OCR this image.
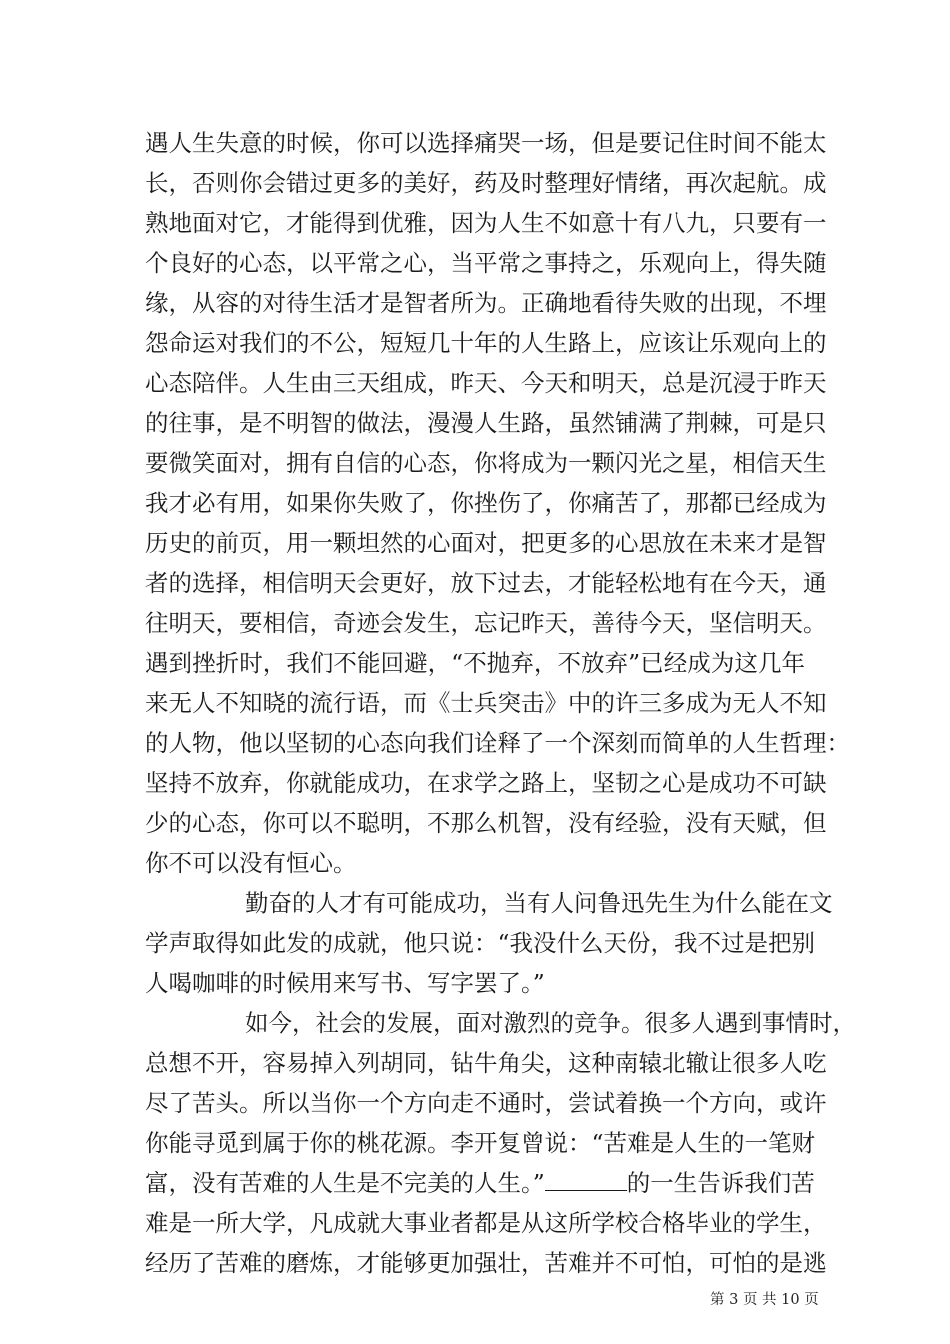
遇人生失意的时候，你可以选择痛哭一场，但是要记住时间不能太
长，否则你会错过更多的美好，药及时整理好情绪，再次起航。成
熟地面对它，才能得到优雅，因为人生不如意十有八九，只要有一
个良好的心态，以平常之心，当平常之事持之，乐观向上，得失随
缘，从容的对待生活才是智者所为。正确地看待失败的出现，不埋
怨命运对我们的不公，短短几十年的人生路上，应该让乐观向上的
心态陪伴。人生由三天组成，昨天、今天和明天，总是沉浸于昨天
的往事，是不明智的做法，漫漫人生路，虽然铺满了荆棘，可是只
要微笑面对，拥有自信的心态，你将成为一颗闪光之星，相信天生
我才必有用，如果你失败了，你挫伤了，你痛苦了，那都已经成为
历史的前页，用一颗坦然的心面对，把更多的心思放在未来才是智
者的选择，相信明天会更好，放下过去，才能轻松地有在今天，通
往明天，要相信，奇迹会发生，忘记昨天，善待今天，坚信明天。
遇到挫折时，我们不能回避，“不抛弃，不放弃”已经成为这几年
来无人不知晓的流行语，而《士兵突击》中的许三多成为无人不知
的人物，他以坚韧的心态向我们诠释了一个深刻而简单的人生哲理：
坚持不放弃，你就能成功，在求学之路上，坚韧之心是成功不可缺
少的心态，你可以不聪明，不那么机智，没有经验，没有天赋，但
你不可以没有恒心。
勤奋的人才有可能成功，当有人问鲁迅先生为什么能在文
学声取得如此发的成就，他只说：“我没什么天份，我不过是把别
人喝咖啡的时候用来写书、写字罢了。”
如今，社会的发展，面对激烈的竞争。很多人遇到事情时，
总想不开，容易掉入列胡同，钻牛角尖，这种南辕北辙让很多人吃
尽了苦头。所以当你一个方向走不通时，尝试着换一个方向，或许
你能寻觅到属于你的桃花源。李开复曾说：“苦难是人生的一笔财
富，没有苦难的人生是不完美的人生。”	的一生告诉我们苦
难是一所大学，凡成就大事业者都是从这所学校合格毕业的学生，
经历了苦难的磨炼，才能够更加强壮，苦难并不可怕，可怕的是逃
第 3 页 共 10 页
